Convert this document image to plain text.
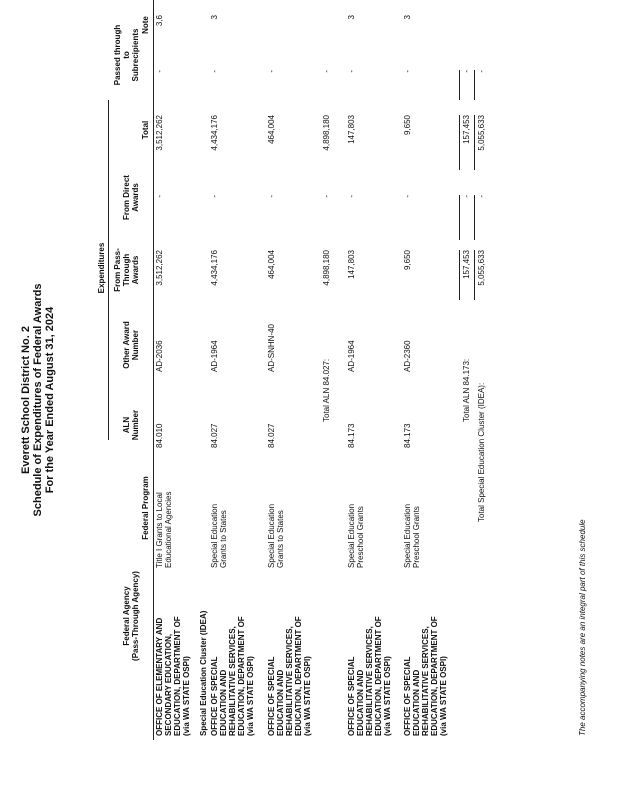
Everett School District No. 2 Schedule of Expenditures of Federal Awards For the Year Ended August 31, 2024
Expenditures
Federal Agency (Pass-Through Agency)
Federal Program
ALN Number
Other Award Number
From Pass- Through Awards
From Direct Awards
Total
Passed through to Subrecipients
Note
OFFICE OF ELEMENTARY AND SECONDARY EDUCATION, EDUCATION, DEPARTMENT OF (via WA STATE OSPI)
Title I Grants to Local Educational Agencies
84.010
AD-2036
3,512,262
-
3,512,262
-
3,6
Special Education Cluster (IDEA) OFFICE OF SPECIAL EDUCATION AND REHABILITATIVE SERVICES, EDUCATION, DEPARTMENT OF (via WA STATE OSPI)
Special Education Grants to States
84.027
AD-1964
4,434,176
-
4,434,176
-
3
OFFICE OF SPECIAL EDUCATION AND REHABILITATIVE SERVICES, EDUCATION, DEPARTMENT OF (via WA STATE OSPI)
Special Education Grants to States
84.027
AD-SNHN-40
464,004
-
464,004
-
Total ALN 84.027:
4,898,180
-
4,898,180
-
OFFICE OF SPECIAL EDUCATION AND REHABILITATIVE SERVICES, EDUCATION, DEPARTMENT OF (via WA STATE OSPI)
Special Education Preschool Grants
84.173
AD-1964
147,803
-
147,803
-
3
OFFICE OF SPECIAL EDUCATION AND REHABILITATIVE SERVICES, EDUCATION, DEPARTMENT OF (via WA STATE OSPI)
Special Education Preschool Grants
84.173
AD-2360
9,650
-
9,650
-
3
Total ALN 84.173:
157,453
-
157,453
-
Total Special Education Cluster (IDEA):
5,055,633
-
5,055,633
-
The accompanying notes are an integral part of this schedule
